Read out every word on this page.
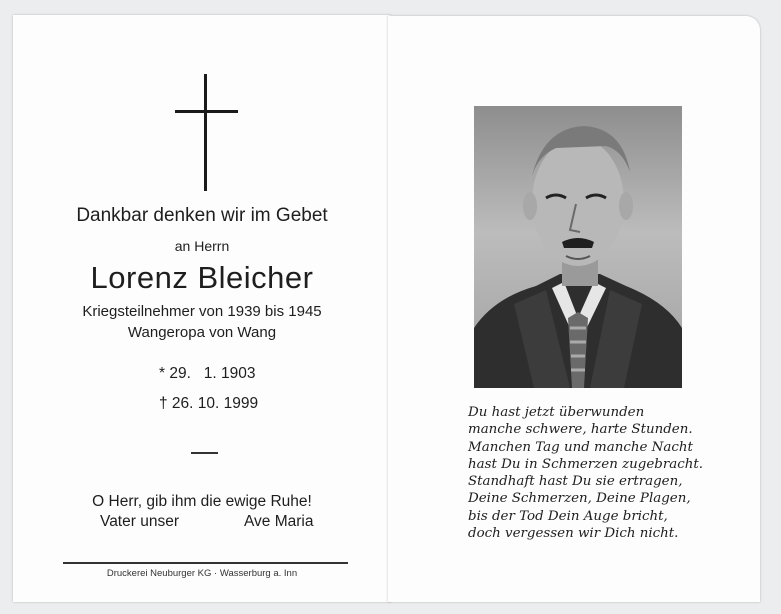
Dankbar denken wir im Gebet
an Herrn
Lorenz Bleicher
Kriegsteilnehmer von 1939 bis 1945
Wangeropa von Wang
* 29.   1. 1903
† 26. 10. 1999
O Herr, gib ihm die ewige Ruhe!
Vater unser	Ave Maria
Druckerei Neuburger KG · Wasserburg a. Inn
Du hast jetzt überwunden
manche schwere, harte Stunden.
Manchen Tag und manche Nacht
hast Du in Schmerzen zugebracht.
Standhaft hast Du sie ertragen,
Deine Schmerzen, Deine Plagen,
bis der Tod Dein Auge bricht,
doch vergessen wir Dich nicht.
